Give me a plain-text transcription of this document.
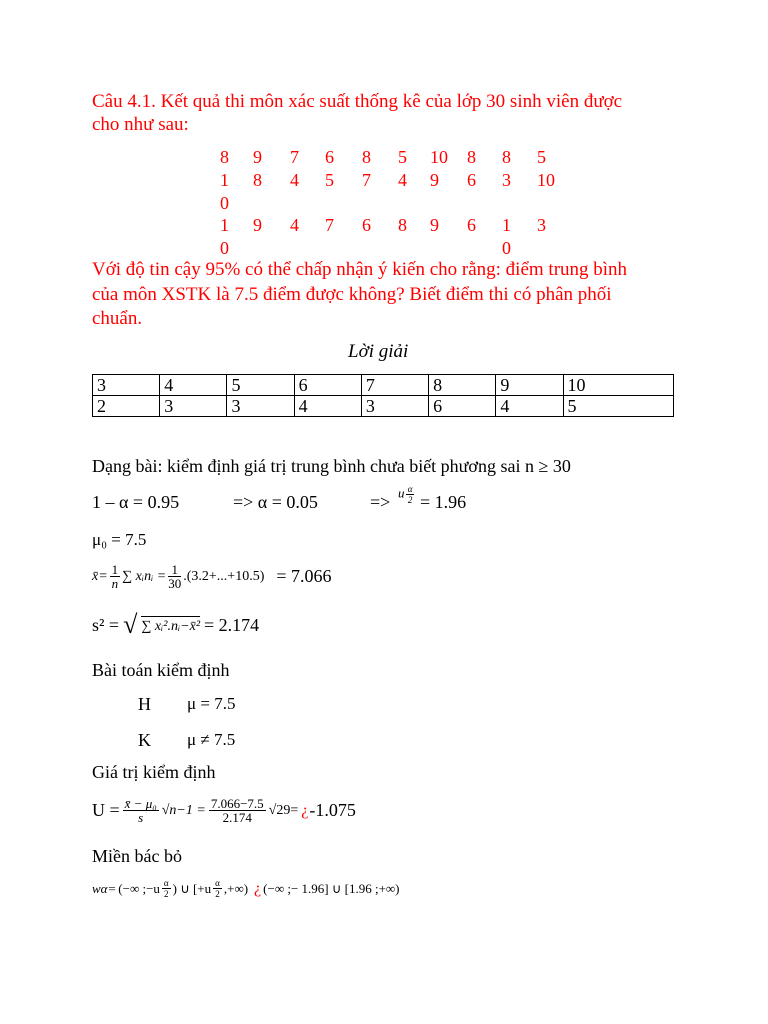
Câu 4.1. Kết quả thi môn xác suất thống kê của lớp 30 sinh viên được
cho như sau:
8 9 7 6 8 5 10 8 8 5
1 8 4 5 7 4 9 6 3 10
0
1 9 4 7 6 8 9 6 1 3
0	0
Với độ tin cậy 95% có thể chấp nhận ý kiến cho rằng: điểm trung bình
của môn XSTK là 7.5 điểm được không? Biết điểm thi có phân phối
chuẩn.
Lời giải
3	4	5	6	7	8	9	10
2	3	3	4	3	6	4	5
Dạng bài: kiểm định giá trị trung bình chưa biết phương sai n ≥ 30
1 – α = 0.95	=> α = 0.05	=> u $\frac{\alpha}{2} = 1.96$
μ₀ = 7.5
x̄= $\frac{1}{n}$ ∑ xᵢnᵢ = $\frac{1}{30} .(3.2+...+10.5) = 7.066$
s² = √ ∑ xᵢ².nᵢ−x̄² = 2.174
Bài toán kiểm định
H μ = 7.5
K μ ≠ 7.5
Giá trị kiểm định
$U = \frac{\text{x̄ − μ₀}}{s} √n-1 = \frac{7.066-7.5}{2.174} √29=$ ¿ -1.075
Miền bác bỏ
wα= (−∞ ;−u $\frac{\alpha}{2}$ ) ∪ [$+u \frac{\alpha}{2}$ ,+∞) ¿ (−∞ ;− 1.96] ∪ [1.96 ;+∞)
